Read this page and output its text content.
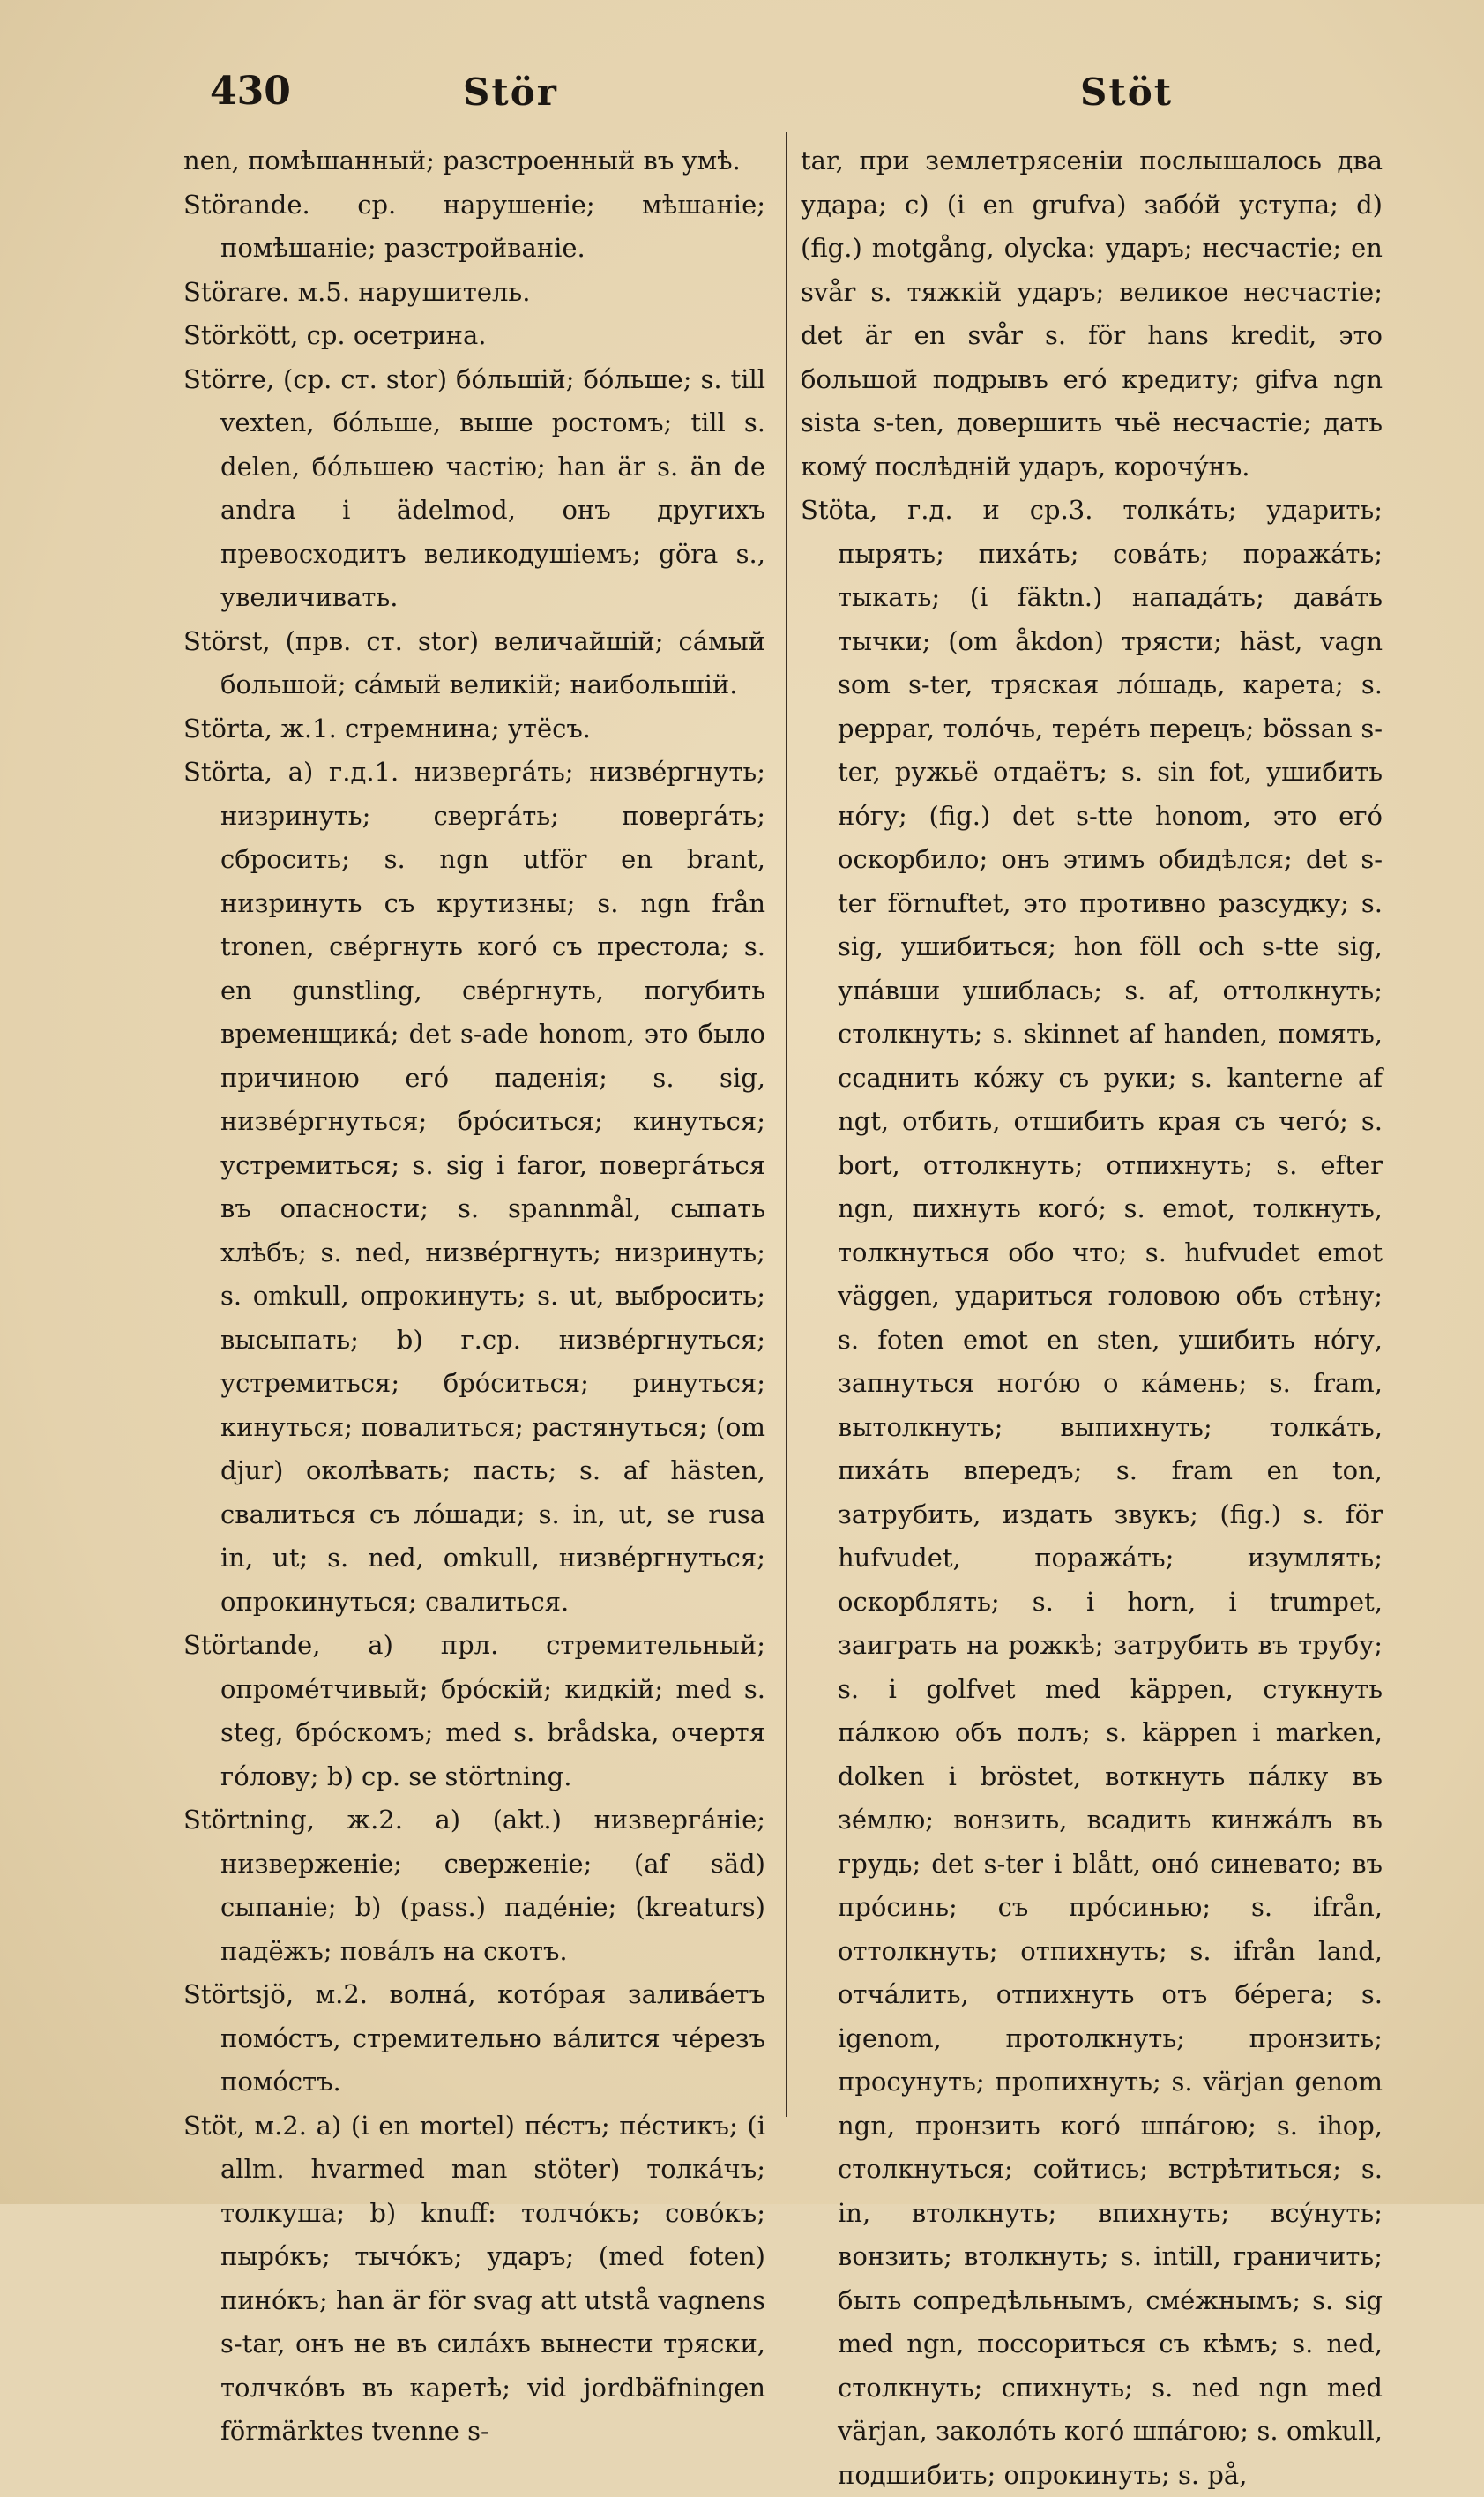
430	Stör	Stöt

nen, помѣшанный; разстроенный въ умѣ.

Störande. ср. нарушеніе; мѣшаніе; помѣшаніе; разстройваніе.

Störare. м.5. нарушитель.

Störkött, ср. осетрина.

Större, (ср. ст. stor) бóльшій; бóльше; s. till vexten, бóльше, выше ростомъ; till s. delen, бóльшею частію; han är s. än de andra i ädelmod, онъ другихъ превосходитъ великодушіемъ; göra s., увеличивать.

Störst, (прв. ст. stor) величайшій; сáмый большой; сáмый великій; наибольшій.

Störta, ж.1. стремнина; утёсъ.

Störta, a) г.д.1. низвергáть; низвéргнуть; низринуть; свергáть; повергáть; сбросить; s. ngn utför en brant, низринуть съ крутизны; s. ngn från tronen, свéргнуть когó съ престола; s. en gunstling, свéргнуть, погубить временщикá; det s-ade honom, это было причиною егó паденія; s. sig, низвéргнуться; брóситься; кинуться; устремиться; s. sig i faror, повергáться въ опасности; s. spannmål, сыпать хлѣбъ; s. ned, низвéргнуть; низринуть; s. omkull, опрокинуть; s. ut, выбросить; высыпать; b) г.ср. низвéргнуться; устремиться; брóситься; ринуться; кинуться; повалиться; растянуться; (om djur) околѣвать; пасть; s. af hästen, свалиться съ лóшади; s. in, ut, se rusa in, ut; s. ned, omkull, низвéргнуться; опрокинуться; свалиться.

Störtande, a) прл. стремительный; опромéтчивый; брóскій; кидкій; med s. steg, брóскомъ; med s. brådska, очертя гóлову; b) ср. se störtning.

Störtning, ж.2. a) (akt.) низвергáніе; низверженіе; сверженіе; (af säd) сыпаніе; b) (pass.) падéніе; (kreaturs) падёжъ; повáлъ на скотъ.

Störtsjö, м.2. волнá, котóрая заливáетъ помóстъ, стремительно вáлится чéрезъ помóстъ.

Stöt, м.2. a) (i en mortel) пéстъ; пéстикъ; (i allm. hvarmed man stöter) толкáчъ; толкуша; b) knuff: толчóкъ; совóкъ; пырóкъ; тычóкъ; ударъ; (med foten) пинóкъ; han är för svag att utstå vagnens s-tar, онъ не въ силáхъ вынести тряски, толчкóвъ въ каретѣ; vid jordbäfningen förmärktes tvenne s-

tar, при землетрясеніи послышалось два удара; c) (i en grufva) забóй уступа; d) (fig.) motgång, olycka: ударъ; несчастіе; en svår s. тяжкій ударъ; великое несчастіе; det är en svår s. för hans kredit, это большой подрывъ егó кредиту; gifva ngn sista s-ten, довершить чьё несчастіе; дать комý послѣдній ударъ, корочýнъ.

Stöta, г.д. и ср.3. толкáть; ударить; пырять; пихáть; совáть; поражáть; тыкать; (i fäktn.) нападáть; давáть тычки; (om åkdon) трясти; häst, vagn som s-ter, тряская лóшадь, карета; s. peppar, толóчь, терéть перецъ; bössan s-ter, ружьё отдаётъ; s. sin fot, ушибить нóгу; (fig.) det s-tte honom, это егó оскорбило; онъ этимъ обидѣлся; det s-ter förnuftet, это противно разсудку; s. sig, ушибиться; hon föll och s-tte sig, упáвши ушиблась; s. af, оттолкнуть; столкнуть; s. skinnet af handen, помять, ссаднить кóжу съ руки; s. kanterne af ngt, отбить, отшибить края съ чегó; s. bort, оттолкнуть; отпихнуть; s. efter ngn, пихнуть когó; s. emot, толкнуть, толкнуться обо что; s. hufvudet emot väggen, удариться головою объ стѣну; s. foten emot en sten, ушибить нóгу, запнуться ногóю о кáмень; s. fram, вытолкнуть; выпихнуть; толкáть, пихáть впередъ; s. fram en ton, затрубить, издать звукъ; (fig.) s. för hufvudet, поражáть; изумлять; оскорблять; s. i horn, i trumpet, заиграть на рожкѣ; затрубить въ трубу; s. i golfvet med käppen, стукнуть пáлкою объ полъ; s. käppen i marken, dolken i bröstet, воткнуть пáлку въ зéмлю; вонзить, всадить кинжáлъ въ грудь; det s-ter i blått, онó синевато; въ прóсинь; съ прóсинью; s. ifrån, оттолкнуть; отпихнуть; s. ifrån land, отчáлить, отпихнуть отъ бéрега; s. igenom, протолкнуть; пронзить; просунуть; пропихнуть; s. värjan genom ngn, пронзить когó шпáгою; s. ihop, столкнуться; сойтись; встрѣтиться; s. in, втолкнуть; впихнуть; всýнуть; вонзить; втолкнуть; s. intill, граничить; быть сопредѣльнымъ, смéжнымъ; s. sig med ngn, поссориться съ кѣмъ; s. ned, столкнуть; спихнуть; s. ned ngn med värjan, заколóть когó шпáгою; s. omkull, подшибить; опрокинуть; s. på,
